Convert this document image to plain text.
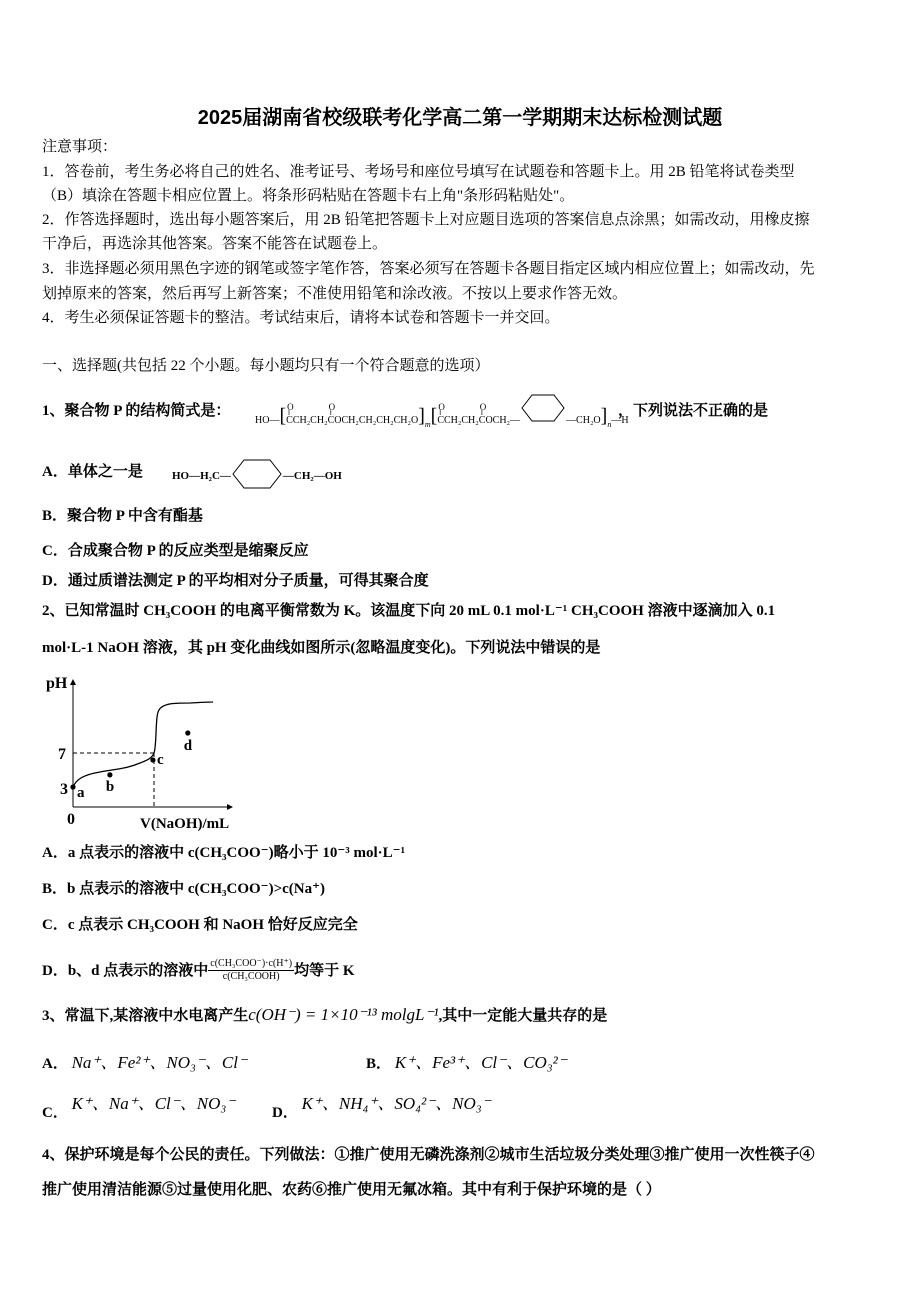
2025届湖南省校级联考化学高二第一学期期末达标检测试题
注意事项：
1．答卷前，考生务必将自己的姓名、准考证号、考场号和座位号填写在试题卷和答题卡上。用 2B 铅笔将试卷类型
（B）填涂在答题卡相应位置上。将条形码粘贴在答题卡右上角"条形码粘贴处"。
2．作答选择题时，选出每小题答案后，用 2B 铅笔把答题卡上对应题目选项的答案信息点涂黑；如需改动，用橡皮擦
干净后，再选涂其他答案。答案不能答在试题卷上。
3．非选择题必须用黑色字迹的钢笔或签字笔作答，答案必须写在答题卡各题目指定区域内相应位置上；如需改动，先
划掉原来的答案，然后再写上新答案；不准使用铅笔和涂改液。不按以上要求作答无效。
4．考生必须保证答题卡的整洁。考试结束后，请将本试卷和答题卡一并交回。
一、选择题(共包括 22 个小题。每小题均只有一个符合题意的选项）
1、聚合物 P 的结构简式是：
HO— [ O C ‖ CH₂CH₂ O C ‖ OCH₂CH₂CH₂CH₂O ] m [ O C ‖ CH₂CH₂ O C ‖ OCH₂—	—CH₂O ] n —H
，下列说法不正确的是
A．单体之一是	HO—H₂C—	—CH₂—OH
B．聚合物 P 中含有酯基
C．合成聚合物 P 的反应类型是缩聚反应
D．通过质谱法测定 P 的平均相对分子质量，可得其聚合度
2、已知常温时 CH₃COOH 的电离平衡常数为 K。该温度下向 20 mL 0.1 mol·L⁻¹ CH₃COOH 溶液中逐滴加入 0.1
mol·L-1 NaOH 溶液，其 pH 变化曲线如图所示(忽略温度变化)。下列说法中错误的是
a b
c
d
pH
7
3
0	V(NaOH)/mL
A．a 点表示的溶液中 c(CH₃COO⁻)略小于 10⁻³ mol·L⁻¹
B．b 点表示的溶液中 c(CH₃COO⁻)>c(Na⁺)
C．c 点表示 CH₃COOH 和 NaOH 恰好反应完全
D．b、d 点表示的溶液中 $\frac{\text{c(CH₃COO⁻)·c(H⁺)}}{\text{c(CH₃COOH)}}$ 均等于 K
3、常温下,某溶液中水电离产生c(OH⁻) = 1×10⁻¹³ molgL⁻¹,其中一定能大量共存的是
A． Na⁺、Fe²⁺、NO₃⁻、Cl⁻	B． K⁺、Fe³⁺、Cl⁻、CO₃²⁻
C． K⁺、Na⁺、Cl⁻、NO₃⁻ D． K⁺、NH₄⁺、SO₄²⁻、NO₃⁻
4、保护环境是每个公民的责任。下列做法：①推广使用无磷洗涤剂②城市生活垃圾分类处理③推广使用一次性筷子④
推广使用清洁能源⑤过量使用化肥、农药⑥推广使用无氟冰箱。其中有利于保护环境的是（ ）
